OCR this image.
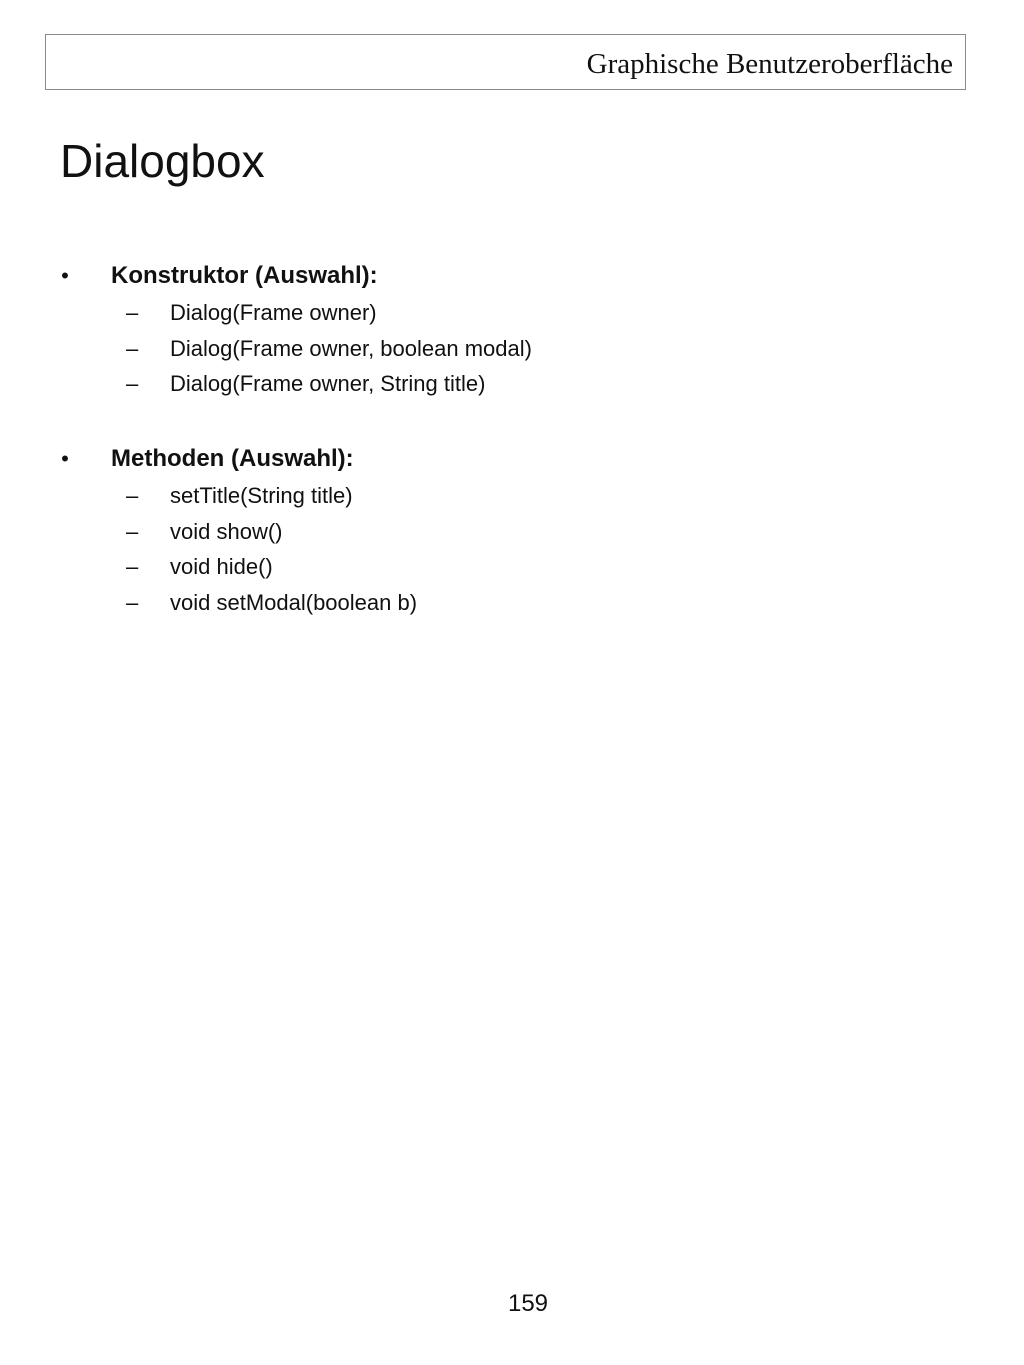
Graphische Benutzeroberfläche
Dialogbox
• Konstruktor (Auswahl):
– Dialog(Frame owner)
– Dialog(Frame owner, boolean modal)
– Dialog(Frame owner, String title)
• Methoden (Auswahl):
– setTitle(String title)
– void show()
– void hide()
– void setModal(boolean b)
159
